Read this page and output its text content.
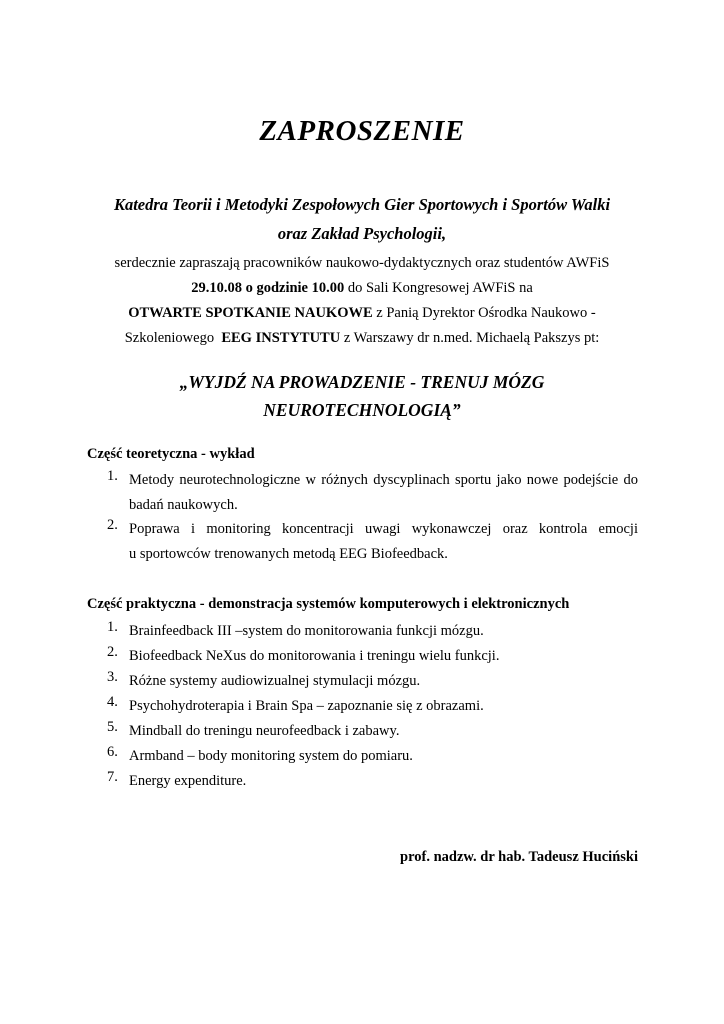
ZAPROSZENIE
Katedra Teorii i Metodyki Zespołowych Gier Sportowych i Sportów Walki
oraz Zakład Psychologii,
serdecznie zapraszają pracowników naukowo-dydaktycznych oraz studentów AWFiS
29.10.08 o godzinie 10.00 do Sali Kongresowej AWFiS na
OTWARTE SPOTKANIE NAUKOWE z Panią Dyrektor Ośrodka Naukowo -
Szkoleniowego  EEG INSTYTUTU z Warszawy dr n.med. Michaelą Pakszys pt:
„WYJDŹ NA PROWADZENIE - TRENUJ MÓZG
NEUROTECHNOLOGIĄ”
Część teoretyczna - wykład
1. Metody neurotechnologiczne w różnych dyscyplinach sportu jako nowe podejście do
badań naukowych.
2. Poprawa i monitoring koncentracji uwagi wykonawczej oraz kontrola emocji
u sportowców trenowanych metodą EEG Biofeedback.
Część praktyczna - demonstracja systemów komputerowych i elektronicznych
1. Brainfeedback III –system do monitorowania funkcji mózgu.
2. Biofeedback NeXus do monitorowania i treningu wielu funkcji.
3. Różne systemy audiowizualnej stymulacji mózgu.
4. Psychohydroterapia i Brain Spa – zapoznanie się z obrazami.
5. Mindball do treningu neurofeedback i zabawy.
6. Armband – body monitoring system do pomiaru.
7. Energy expenditure.
prof. nadzw. dr hab. Tadeusz Huciński
